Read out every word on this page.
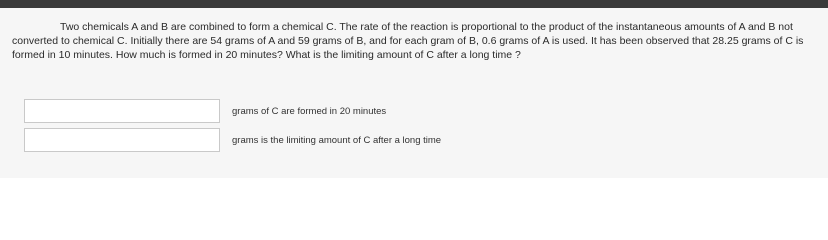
Two chemicals A and B are combined to form a chemical C. The rate of the reaction is proportional to the product of the instantaneous amounts of A and B not converted to chemical C. Initially there are 54 grams of A and 59 grams of B, and for each gram of B, 0.6 grams of A is used. It has been observed that 28.25 grams of C is formed in 10 minutes. How much is formed in 20 minutes? What is the limiting amount of C after a long time ?

grams of C are formed in 20 minutes
grams is the limiting amount of C after a long time
